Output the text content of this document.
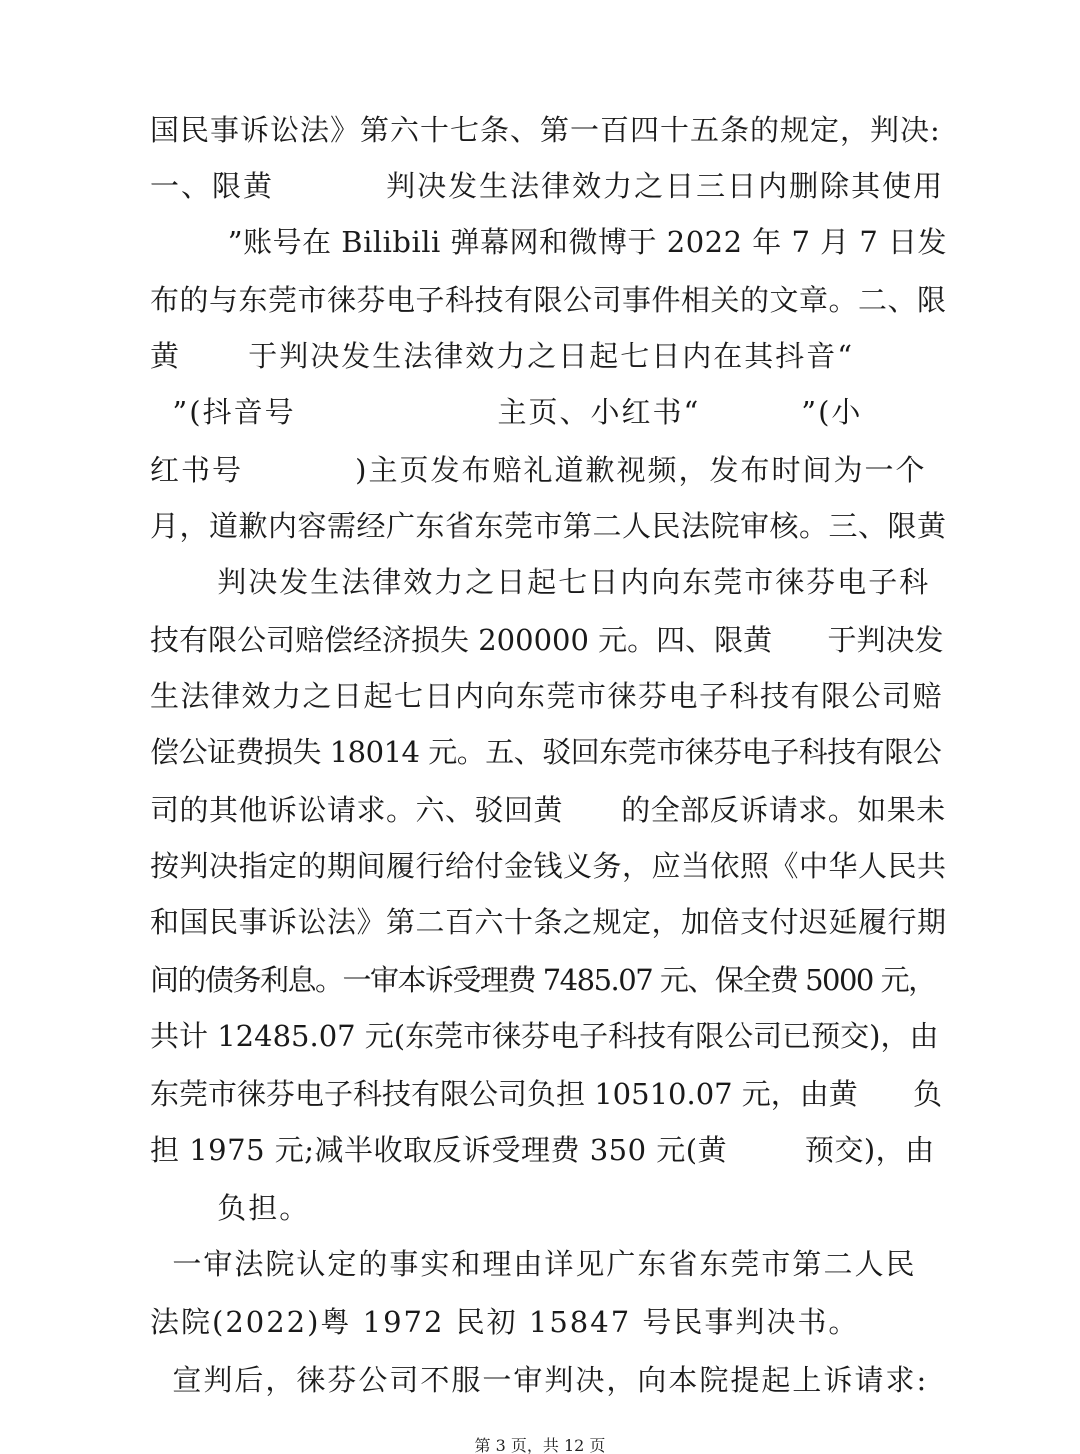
国民事诉讼法》第六十七条、第一百四十五条的规定，判决:
一、限黄          判决发生法律效力之日三日内删除其使用
”账号在 Bilibili 弹幕网和微博于 2022 年 7 月 7 日发
布的与东莞市徕芬电子科技有限公司事件相关的文章。二、限
黄      于判决发生法律效力之日起七日内在其抖音“
”(抖音号                  主页、小红书“         ”(小
红书号          )主页发布赔礼道歉视频，发布时间为一个
月，道歉内容需经广东省东莞市第二人民法院审核。三、限黄
判决发生法律效力之日起七日内向东莞市徕芬电子科
技有限公司赔偿经济损失 200000 元。四、限黄      于判决发
生法律效力之日起七日内向东莞市徕芬电子科技有限公司赔
偿公证费损失 18014 元。五、驳回东莞市徕芬电子科技有限公
司的其他诉讼请求。六、驳回黄      的全部反诉请求。如果未
按判决指定的期间履行给付金钱义务，应当依照《中华人民共
和国民事诉讼法》第二百六十条之规定，加倍支付迟延履行期
间的债务利息。一审本诉受理费 7485.07 元、保全费 5000 元，
共计 12485.07 元(东莞市徕芬电子科技有限公司已预交)，由
东莞市徕芬电子科技有限公司负担 10510.07 元，由黄      负
担 1975 元;减半收取反诉受理费 350 元(黄        预交)，由
负担。
一审法院认定的事实和理由详见广东省东莞市第二人民
法院(2022)粤 1972 民初 15847 号民事判决书。
宣判后，徕芬公司不服一审判决，向本院提起上诉请求:
第 3 页，共 12 页
